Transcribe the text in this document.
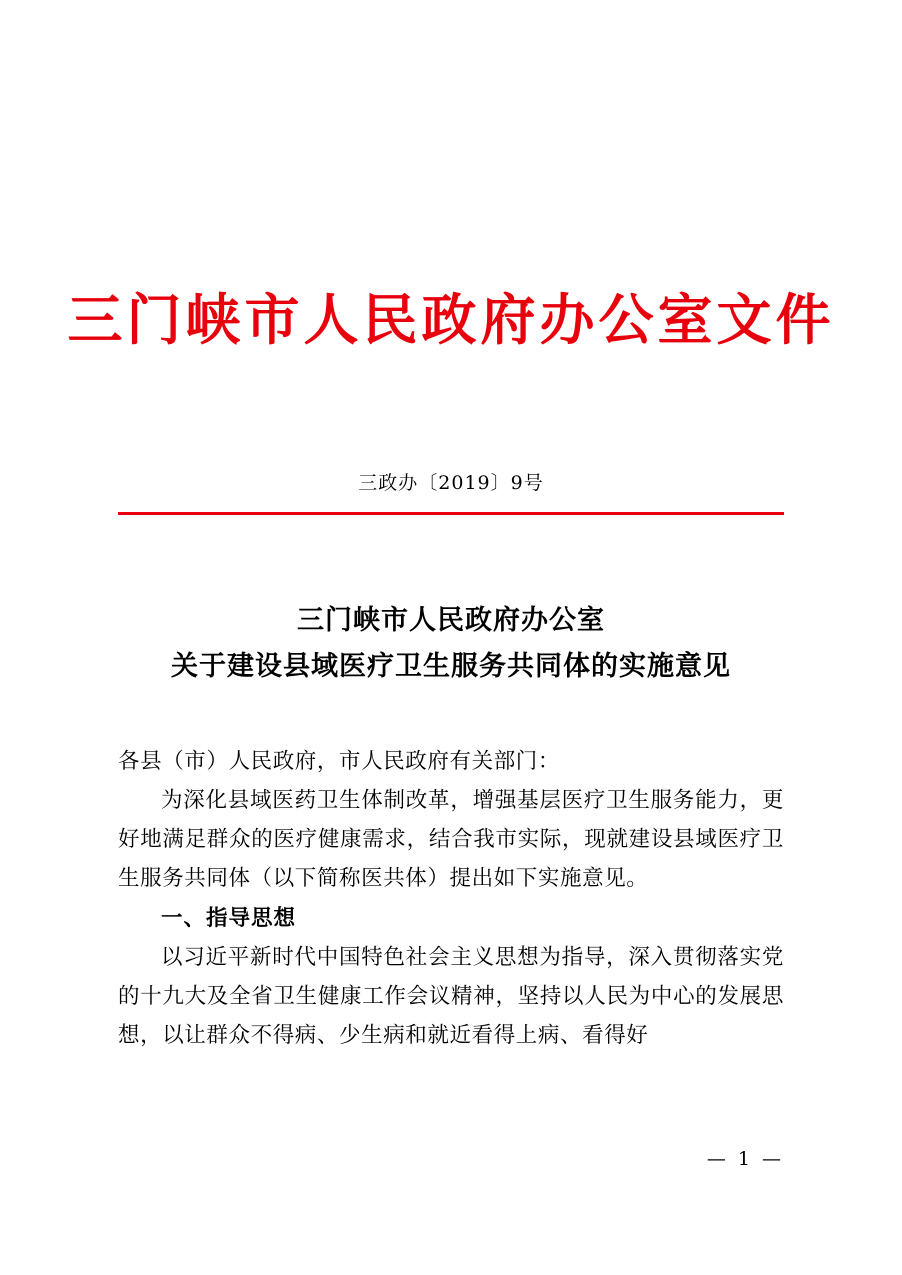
三门峡市人民政府办公室文件
三政办〔2019〕9号
三门峡市人民政府办公室
关于建设县域医疗卫生服务共同体的实施意见

各县（市）人民政府，市人民政府有关部门：

为深化县域医药卫生体制改革，增强基层医疗卫生服务能力，更好地满足群众的医疗健康需求，结合我市实际，现就建设县域医疗卫生服务共同体（以下简称医共体）提出如下实施意见。

一、指导思想

以习近平新时代中国特色社会主义思想为指导，深入贯彻落实党的十九大及全省卫生健康工作会议精神，坚持以人民为中心的发展思想，以让群众不得病、少生病和就近看得上病、看得好

— 1 —
